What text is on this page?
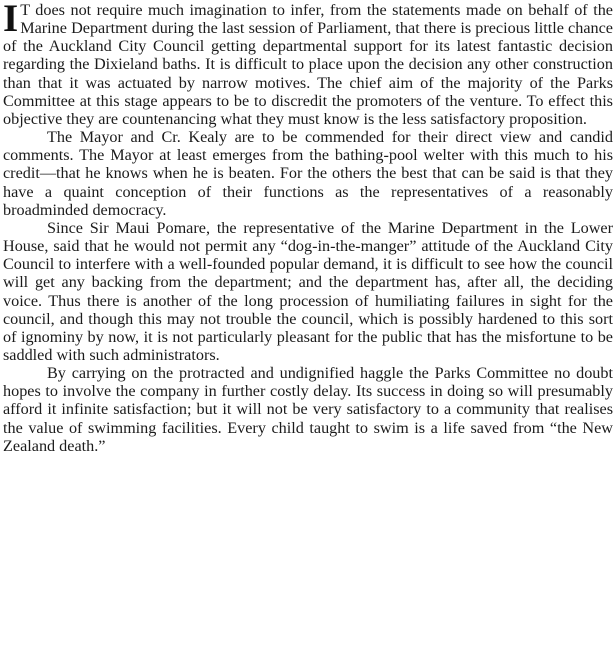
I T does not require much imagination to infer, from the statements made on behalf of the Marine Department during the last session of Parliament, that there is precious little chance of the Auckland City Council getting departmental support for its latest fantastic decision regarding the Dixieland baths. It is difficult to place upon the decision any other construction than that it was actuated by narrow motives. The chief aim of the majority of the Parks Committee at this stage appears to be to discredit the promoters of the venture. To effect this objective they are countenancing what they must know is the less satisfactory proposition.

The Mayor and Cr. Kealy are to be commended for their direct view and candid comments. The Mayor at least emerges from the bathing-pool welter with this much to his credit—that he knows when he is beaten. For the others the best that can be said is that they have a quaint conception of their functions as the representatives of a reasonably broadminded democracy.

Since Sir Maui Pomare, the representative of the Marine Department in the Lower House, said that he would not permit any “dog-in-the-manger” attitude of the Auckland City Council to interfere with a well-founded popular demand, it is difficult to see how the council will get any backing from the department; and the department has, after all, the deciding voice. Thus there is another of the long procession of humiliating failures in sight for the council, and though this may not trouble the council, which is possibly hardened to this sort of ignominy by now, it is not particularly pleasant for the public that has the misfortune to be saddled with such administrators.

By carrying on the protracted and undignified haggle the Parks Committee no doubt hopes to involve the company in further costly delay. Its success in doing so will presumably afford it infinite satisfaction; but it will not be very satisfactory to a community that realises the value of swimming facilities. Every child taught to swim is a life saved from “the New Zealand death.”
